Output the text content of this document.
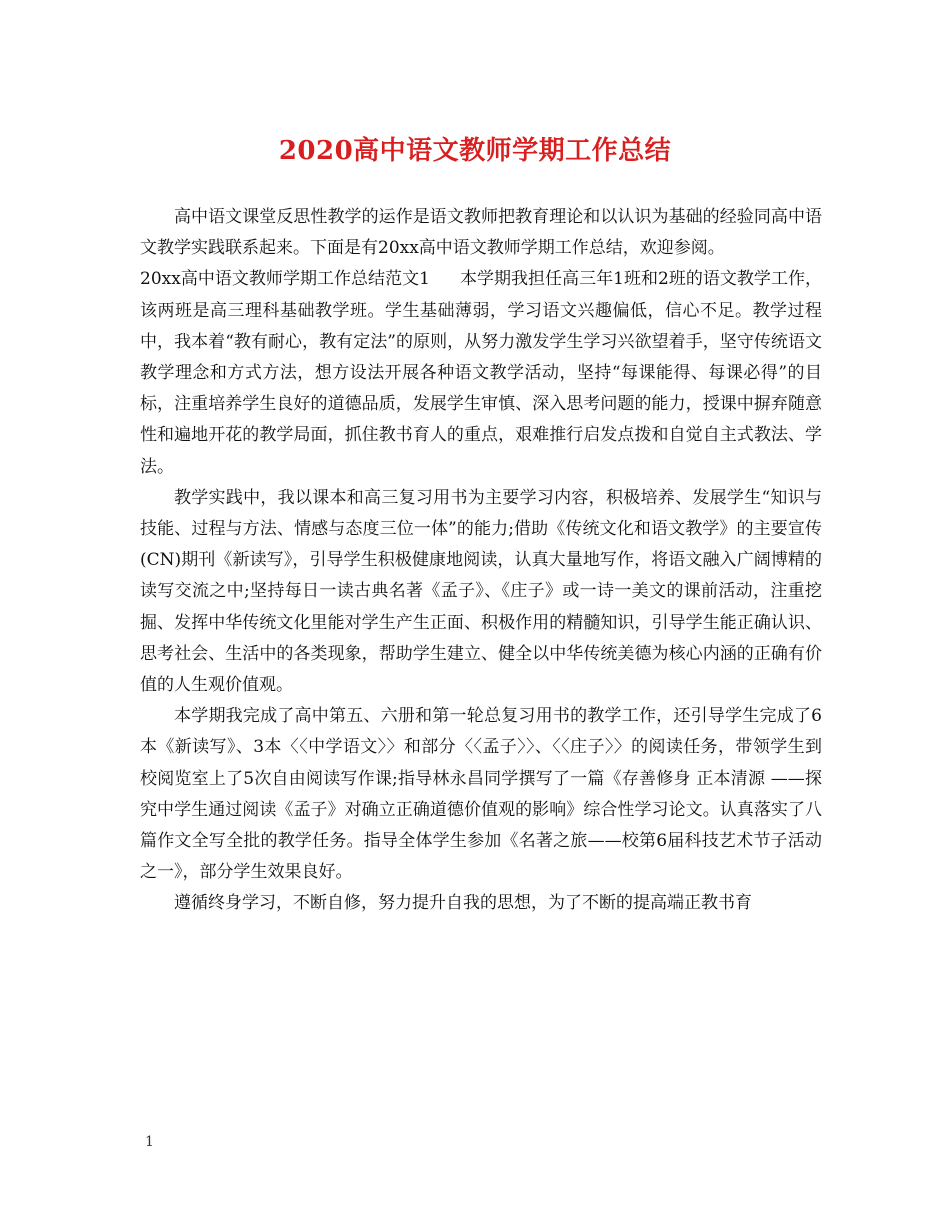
2020高中语文教师学期工作总结

高中语文课堂反思性教学的运作是语文教师把教育理论和以认识为基础的经验同高中语文教学实践联系起来。下面是有20xx高中语文教师学期工作总结，欢迎参阅。

20xx高中语文教师学期工作总结范文1 本学期我担任高三年1班和2班的语文教学工作，该两班是高三理科基础教学班。学生基础薄弱，学习语文兴趣偏低，信心不足。教学过程中，我本着“教有耐心，教有定法”的原则，从努力激发学生学习兴欲望着手，坚守传统语文教学理念和方式方法，想方设法开展各种语文教学活动，坚持“每课能得、每课必得”的目标，注重培养学生良好的道德品质，发展学生审慎、深入思考问题的能力，授课中摒弃随意性和遍地开花的教学局面，抓住教书育人的重点，艰难推行启发点拨和自觉自主式教法、学法。

教学实践中，我以课本和高三复习用书为主要学习内容，积极培养、发展学生“知识与技能、过程与方法、情感与态度三位一体”的能力;借助《传统文化和语文教学》的主要宣传(CN)期刊《新读写》，引导学生积极健康地阅读，认真大量地写作，将语文融入广阔博精的读写交流之中;坚持每日一读古典名著《孟子》、《庄子》或一诗一美文的课前活动，注重挖掘、发挥中华传统文化里能对学生产生正面、积极作用的精髓知识，引导学生能正确认识、思考社会、生活中的各类现象，帮助学生建立、健全以中华传统美德为核心内涵的正确有价值的人生观价值观。

本学期我完成了高中第五、六册和第一轮总复习用书的教学工作，还引导学生完成了6本《新读写》、3本〈〈中学语文〉〉和部分〈〈孟子〉〉、〈〈庄子〉〉的阅读任务，带领学生到校阅览室上了5次自由阅读写作课;指导林永昌同学撰写了一篇《存善修身 正本清源 ——探究中学生通过阅读《孟子》对确立正确道德价值观的影响》综合性学习论文。认真落实了八篇作文全写全批的教学任务。指导全体学生参加《名著之旅——校第6届科技艺术节子活动之一》，部分学生效果良好。

遵循终身学习，不断自修，努力提升自我的思想，为了不断的提高端正教书育

1
